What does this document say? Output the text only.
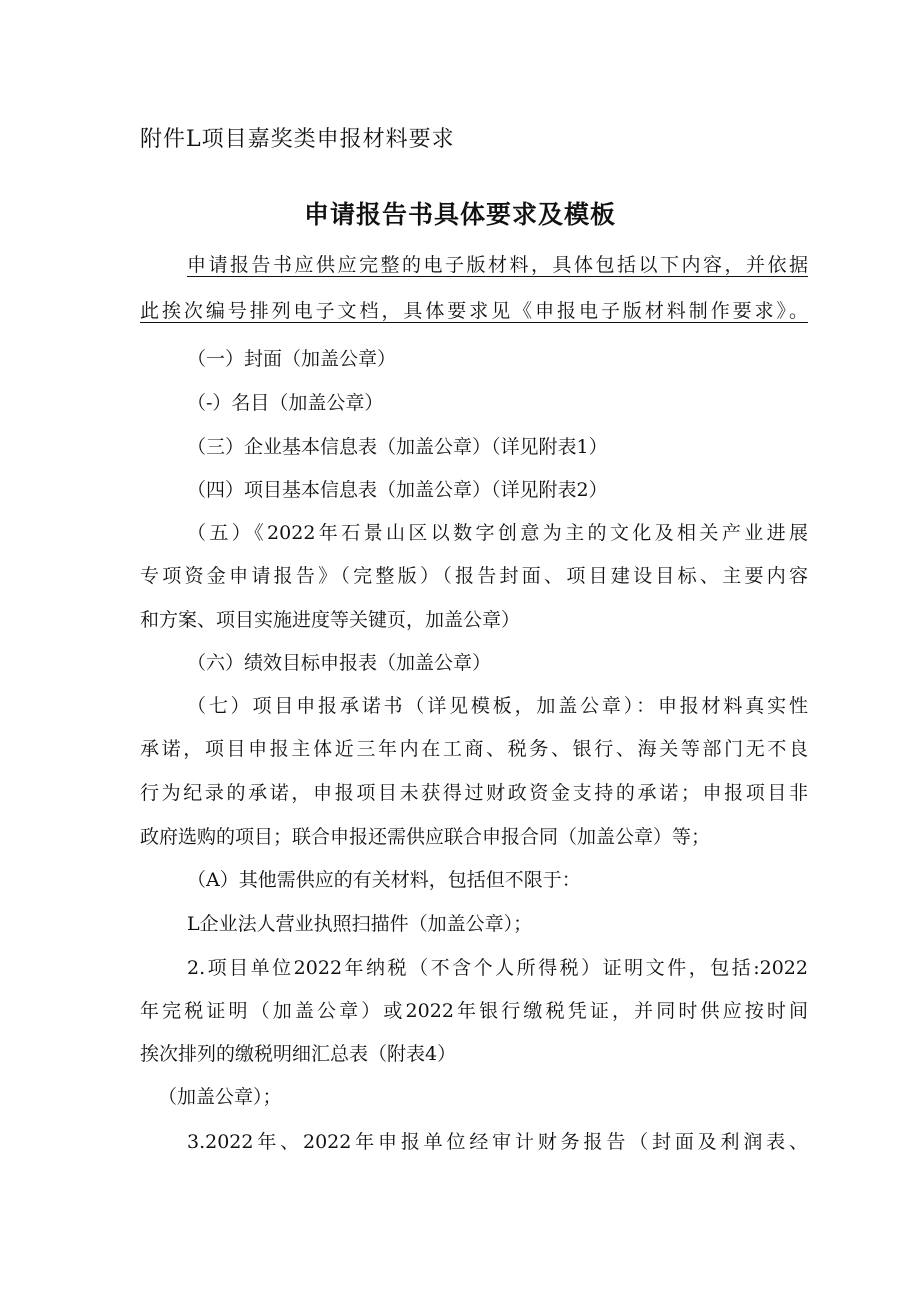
附件L项目嘉奖类申报材料要求
申请报告书具体要求及模板
申请报告书应供应完整的电子版材料，具体包括以下内容，并依据
此挨次编号排列电子文档，具体要求见《申报电子版材料制作要求》。
（一）封面（加盖公章）
（-）名目（加盖公章）
（三）企业基本信息表（加盖公章）（详见附表1）
（四）项目基本信息表（加盖公章）（详见附表2）
（五）《2022年石景山区以数字创意为主的文化及相关产业进展
专项资金申请报告》（完整版）（报告封面、项目建设目标、主要内容
和方案、项目实施进度等关键页，加盖公章）
（六）绩效目标申报表（加盖公章）
（七）项目申报承诺书（详见模板，加盖公章）：申报材料真实性
承诺，项目申报主体近三年内在工商、税务、银行、海关等部门无不良
行为纪录的承诺，申报项目未获得过财政资金支持的承诺；申报项目非
政府选购的项目；联合申报还需供应联合申报合同（加盖公章）等；
（A）其他需供应的有关材料，包括但不限于：
L企业法人营业执照扫描件（加盖公章）；
2.项目单位2022年纳税（不含个人所得税）证明文件，包括:2022
年完税证明（加盖公章）或2022年银行缴税凭证，并同时供应按时间
挨次排列的缴税明细汇总表（附表4）
（加盖公章）；
3.2022年、2022年申报单位经审计财务报告（封面及利润表、
